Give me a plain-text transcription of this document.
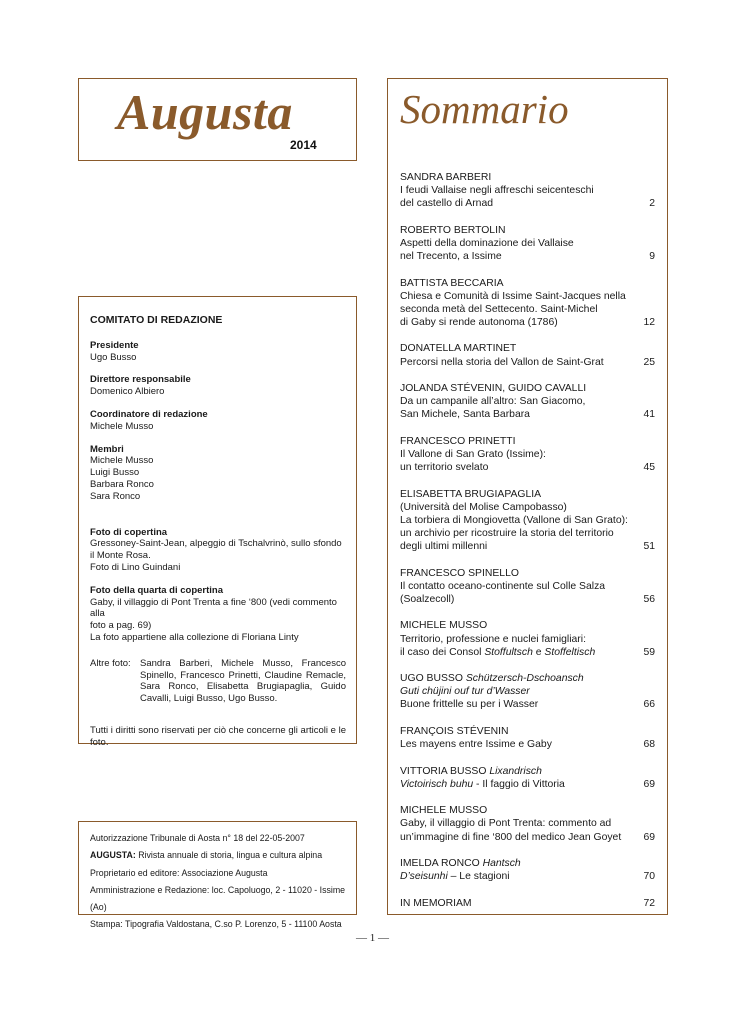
Augusta
2014
COMITATO DI REDAZIONE
Presidente
Ugo Busso
Direttore responsabile
Domenico Albiero
Coordinatore di redazione
Michele Musso
Membri
Michele Musso
Luigi Busso
Barbara Ronco
Sara Ronco
Foto di copertina
Gressoney-Saint-Jean, alpeggio di Tschalvrinò, sullo sfondo
il Monte Rosa.
Foto di Lino Guindani
Foto della quarta di copertina
Gaby, il villaggio di Pont Trenta a fine ‘800 (vedi commento alla
foto a pag. 69)
La foto appartiene alla collezione di Floriana Linty
Altre foto: Sandra Barberi, Michele Musso, Francesco Spinello, Francesco Prinetti, Claudine Remacle, Sara Ronco, Elisabetta Brugiapaglia, Guido Cavalli, Luigi Busso, Ugo Busso.
Tutti i diritti sono riservati per ciò che concerne gli articoli e le foto.
Autorizzazione Tribunale di Aosta n° 18 del 22-05-2007
AUGUSTA: Rivista annuale di storia, lingua e cultura alpina
Proprietario ed editore: Associazione Augusta
Amministrazione e Redazione: loc. Capoluogo, 2 - 11020 - Issime (Ao)
Stampa: Tipografia Valdostana, C.so P. Lorenzo, 5 - 11100 Aosta
Sommario
SANDRA BARBERI
I feudi Vallaise negli affreschi seicenteschi
del castello di Arnad	2
ROBERTO BERTOLIN
Aspetti della dominazione dei Vallaise
nel Trecento, a Issime	9
BATTISTA BECCARIA
Chiesa e Comunità di Issime Saint-Jacques nella
seconda metà del Settecento. Saint-Michel
di Gaby si rende autonoma (1786)	12
DONATELLA MARTINET
Percorsi nella storia del Vallon de Saint-Grat	25
JOLANDA STÉVENIN, GUIDO CAVALLI
Da un campanile all’altro: San Giacomo,
San Michele, Santa Barbara	41
FRANCESCO PRINETTI
Il Vallone di San Grato (Issime):
un territorio svelato	45
ELISABETTA BRUGIAPAGLIA
(Università del Molise Campobasso)
La torbiera di Mongiovetta (Vallone di San Grato):
un archivio per ricostruire la storia del territorio
degli ultimi millenni	51
FRANCESCO SPINELLO
Il contatto oceano-continente sul Colle Salza
(Soalzecoll)	56
MICHELE MUSSO
Territorio, professione e nuclei famigliari:
il caso dei Consol Stoffultsch e Stoffeltisch	59
UGO BUSSO Schützersch-Dschoansch
Guti chüjini ouf tur d’Wasser
Buone frittelle su per i Wasser	66
FRANÇOIS STÉVENIN
Les mayens entre Issime e Gaby	68
VITTORIA BUSSO Lixandrisch
Victoirisch buhu - Il faggio di Vittoria	69
MICHELE MUSSO
Gaby, il villaggio di Pont Trenta: commento ad
un’immagine di fine ‘800 del medico Jean Goyet 69
IMELDA RONCO Hantsch
D’seisunhi – Le stagioni	70
IN MEMORIAM	72
— 1 —
